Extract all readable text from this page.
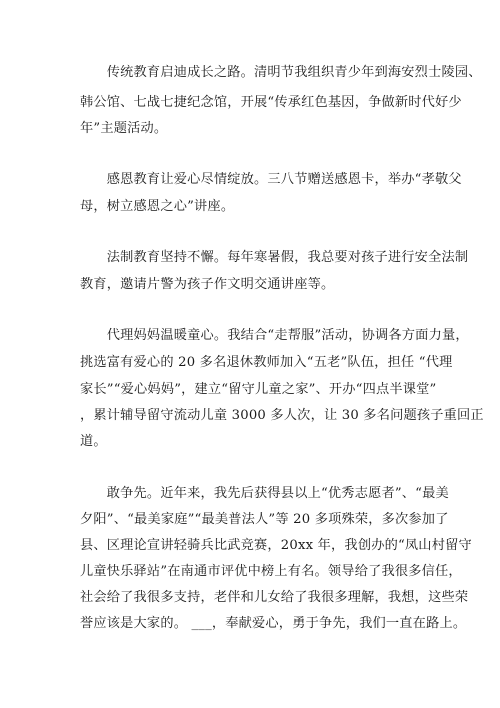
　　传统教育启迪成长之路。清明节我组织青少年到海安烈士陵园、
韩公馆、七战七捷纪念馆，开展“传承红色基因，争做新时代好少
年”主题活动。
　　感恩教育让爱心尽情绽放。三八节赠送感恩卡，举办“孝敬父
母，树立感恩之心”讲座。
　　法制教育坚持不懈。每年寒暑假，我总要对孩子进行安全法制
教育，邀请片警为孩子作文明交通讲座等。
　　代理妈妈温暖童心。我结合“走帮服”活动，协调各方面力量，
挑选富有爱心的 20 多名退休教师加入“五老”队伍，担任 “代理
家长”“爱心妈妈”，建立“留守儿童之家”、开办“四点半课堂”
，累计辅导留守流动儿童 3000 多人次，让 30 多名问题孩子重回正
道。
　　敢争先。近年来，我先后获得县以上“优秀志愿者”、“最美
夕阳”、“最美家庭”“最美普法人”等 20 多项殊荣，多次参加了
县、区理论宣讲轻骑兵比武竞赛，20xx 年，我创办的“凤山村留守
儿童快乐驿站”在南通市评优中榜上有名。领导给了我很多信任，
社会给了我很多支持，老伴和儿女给了我很多理解，我想，这些荣
誉应该是大家的。 ___，奉献爱心，勇于争先，我们一直在路上。
